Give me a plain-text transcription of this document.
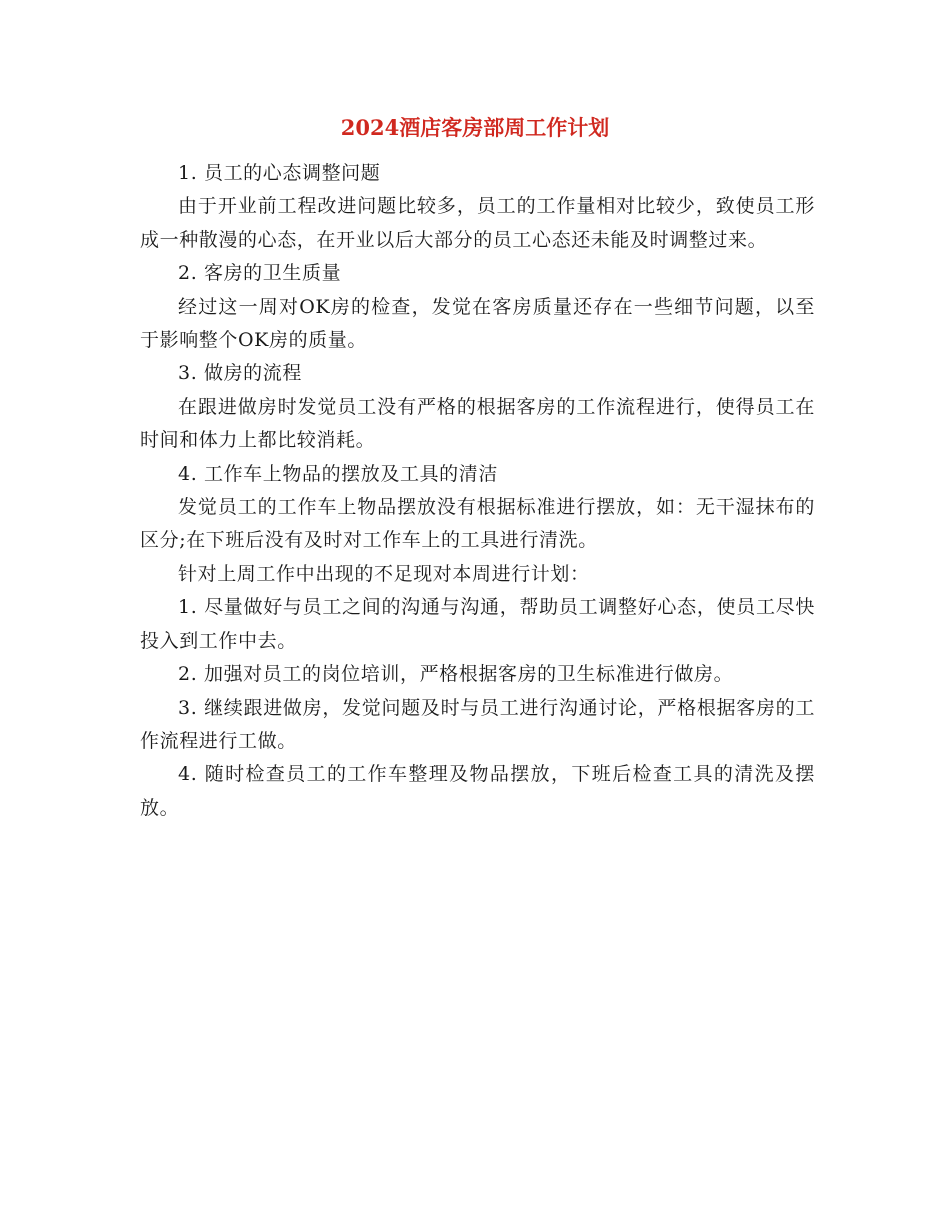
2024酒店客房部周工作计划

1. 员工的心态调整问题

由于开业前工程改进问题比较多，员工的工作量相对比较少，致使员工形成一种散漫的心态，在开业以后大部分的员工心态还未能及时调整过来。

2. 客房的卫生质量

经过这一周对OK房的检查，发觉在客房质量还存在一些细节问题，以至于影响整个OK房的质量。

3. 做房的流程

在跟进做房时发觉员工没有严格的根据客房的工作流程进行，使得员工在时间和体力上都比较消耗。

4. 工作车上物品的摆放及工具的清洁

发觉员工的工作车上物品摆放没有根据标准进行摆放，如：无干湿抹布的区分;在下班后没有及时对工作车上的工具进行清洗。

针对上周工作中出现的不足现对本周进行计划：

1. 尽量做好与员工之间的沟通与沟通，帮助员工调整好心态，使员工尽快投入到工作中去。

2. 加强对员工的岗位培训，严格根据客房的卫生标准进行做房。

3. 继续跟进做房，发觉问题及时与员工进行沟通讨论，严格根据客房的工作流程进行工做。

4. 随时检查员工的工作车整理及物品摆放，下班后检查工具的清洗及摆放。
